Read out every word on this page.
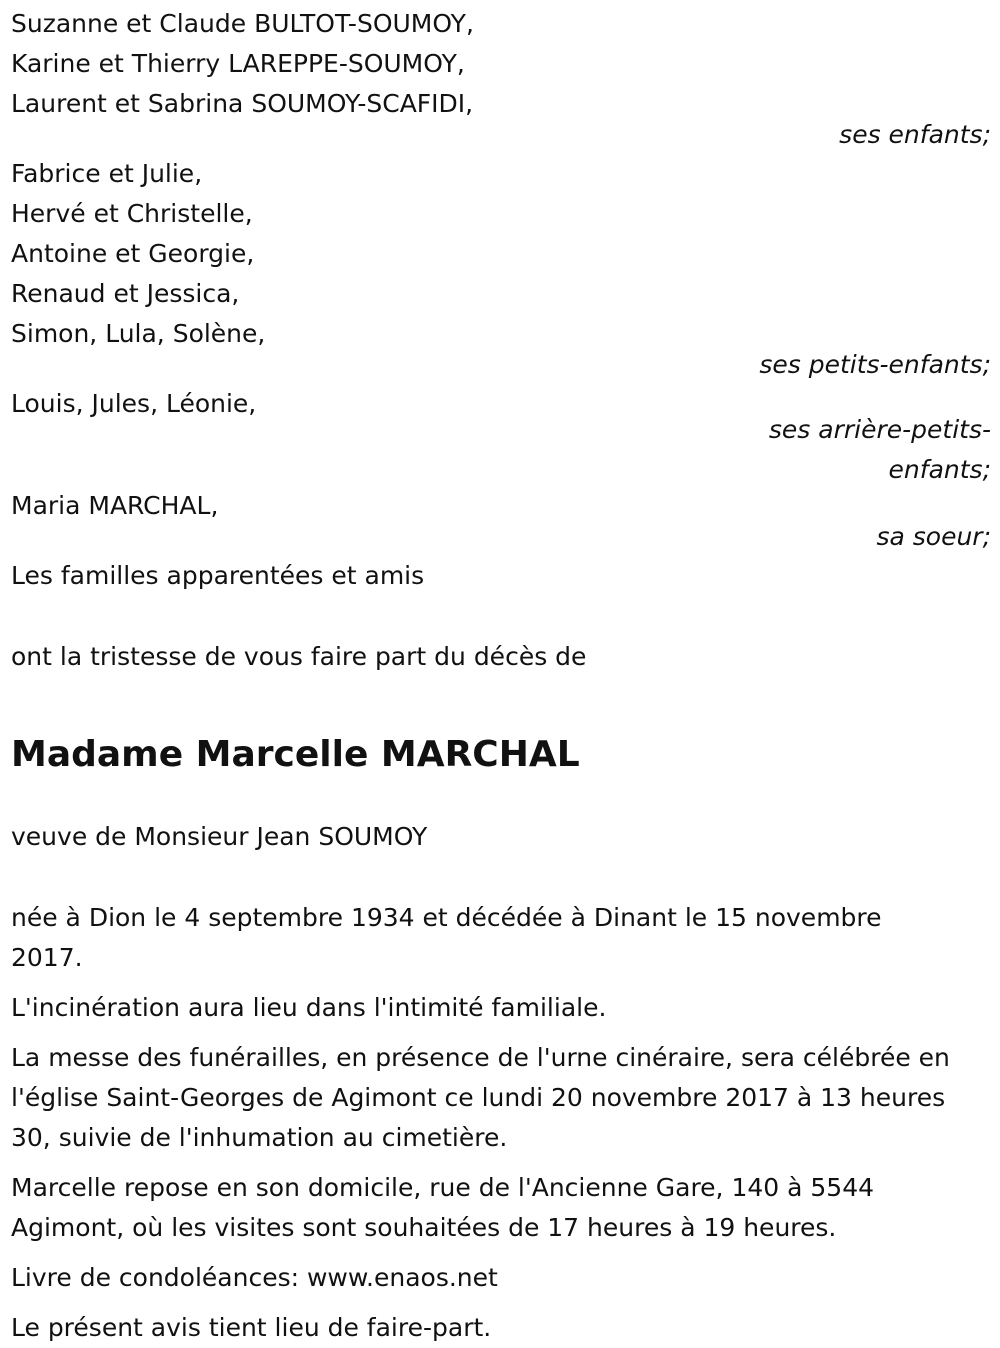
Suzanne et Claude BULTOT-SOUMOY,
Karine et Thierry LAREPPE-SOUMOY,
Laurent et Sabrina SOUMOY-SCAFIDI,
ses enfants;
Fabrice et Julie,
Hervé et Christelle,
Antoine et Georgie,
Renaud et Jessica,
Simon, Lula, Solène,
ses petits-enfants;
Louis, Jules, Léonie,
ses arrière-petits-
enfants;
Maria MARCHAL,
sa soeur;
Les familles apparentées et amis
ont la tristesse de vous faire part du décès de
Madame Marcelle MARCHAL
veuve de Monsieur Jean SOUMOY
née à Dion le 4 septembre 1934 et décédée à Dinant le 15 novembre 2017.
L'incinération aura lieu dans l'intimité familiale.
La messe des funérailles, en présence de l'urne cinéraire, sera célébrée en l'église Saint-Georges de Agimont ce lundi 20 novembre 2017 à 13 heures 30, suivie de l'inhumation au cimetière.
Marcelle repose en son domicile, rue de l'Ancienne Gare, 140 à 5544 Agimont, où les visites sont souhaitées de 17 heures à 19 heures.
Livre de condoléances: www.enaos.net
Le présent avis tient lieu de faire-part.
